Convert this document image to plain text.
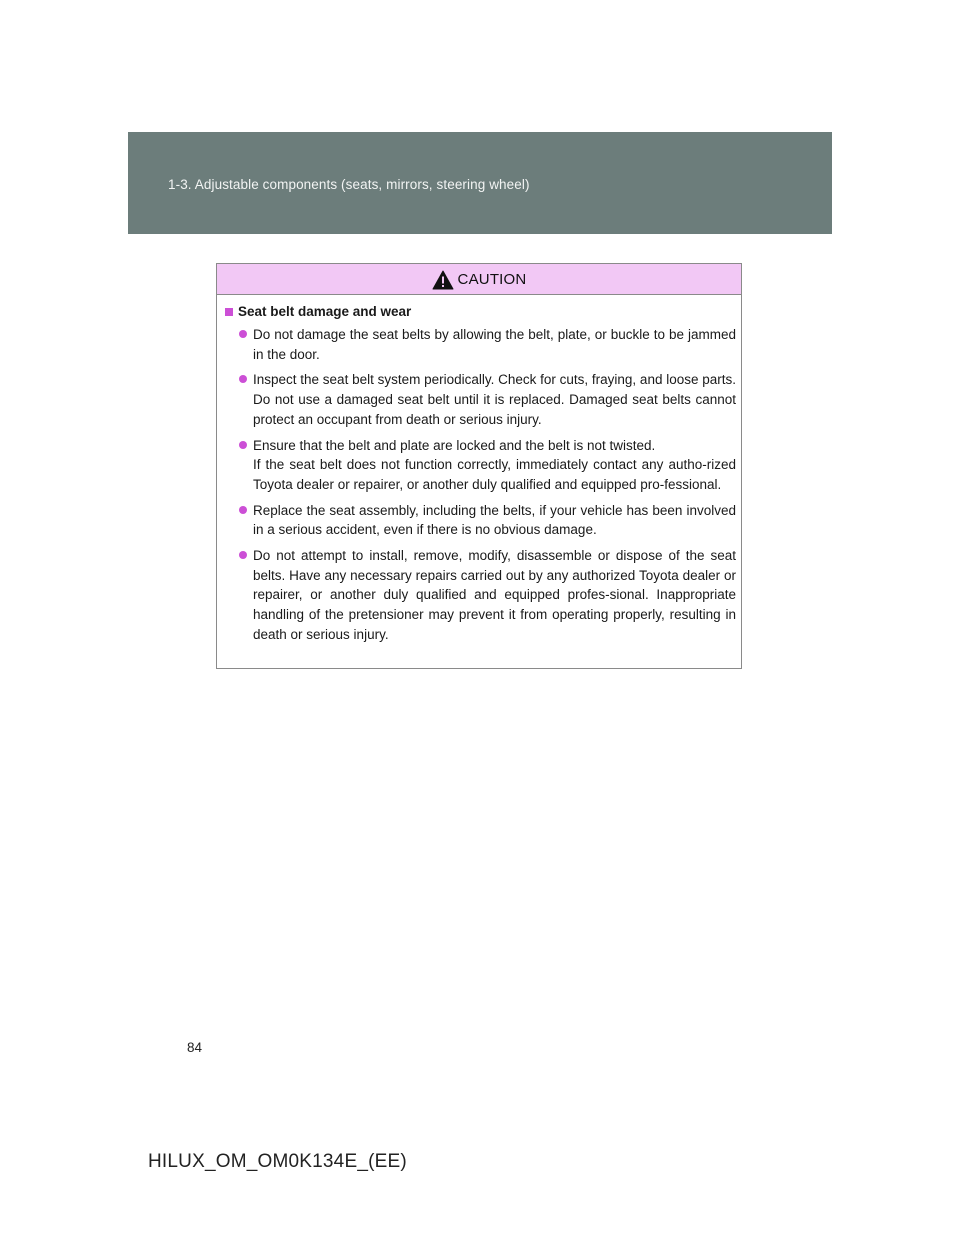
1-3. Adjustable components (seats, mirrors, steering wheel)
CAUTION
Seat belt damage and wear
Do not damage the seat belts by allowing the belt, plate, or buckle to be jammed in the door.
Inspect the seat belt system periodically. Check for cuts, fraying, and loose parts. Do not use a damaged seat belt until it is replaced. Damaged seat belts cannot protect an occupant from death or serious injury.
Ensure that the belt and plate are locked and the belt is not twisted.
If the seat belt does not function correctly, immediately contact any autho-rized Toyota dealer or repairer, or another duly qualified and equipped pro-fessional.
Replace the seat assembly, including the belts, if your vehicle has been involved in a serious accident, even if there is no obvious damage.
Do not attempt to install, remove, modify, disassemble or dispose of the seat belts. Have any necessary repairs carried out by any authorized Toyota dealer or repairer, or another duly qualified and equipped profes-sional. Inappropriate handling of the pretensioner may prevent it from operating properly, resulting in death or serious injury.
84
HILUX_OM_OM0K134E_(EE)
